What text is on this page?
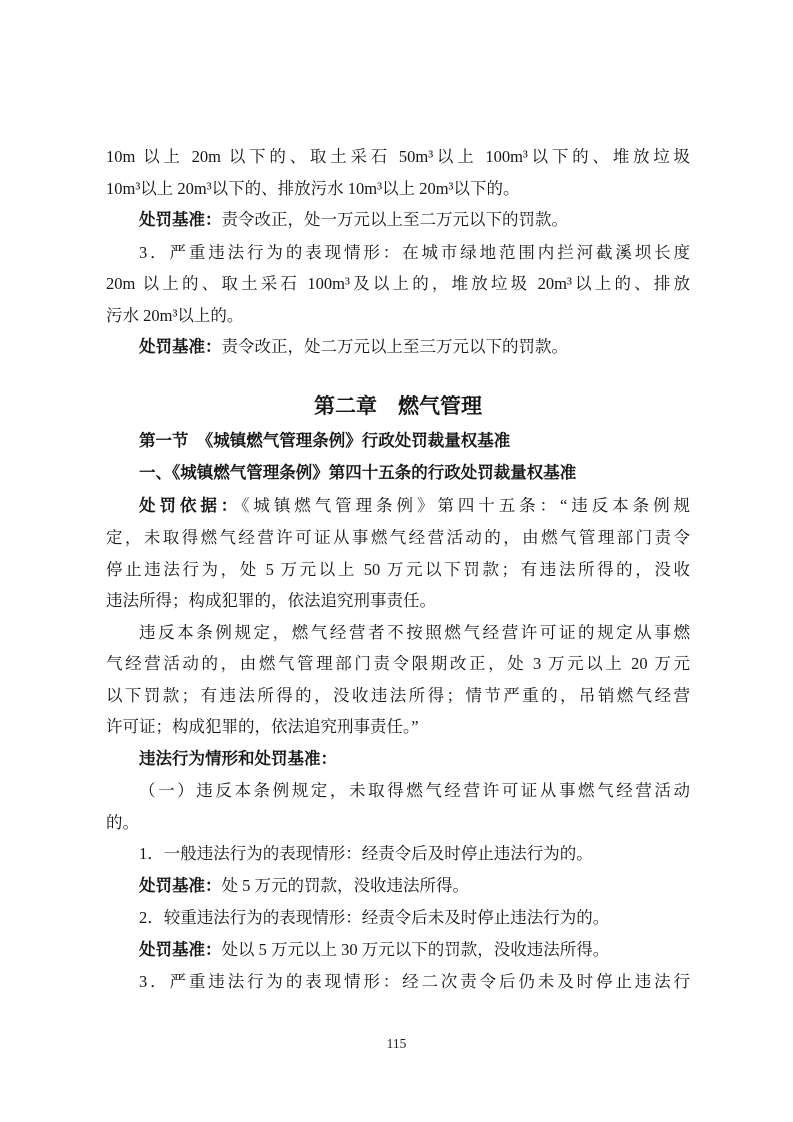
10m 以上 20m 以下的、取土采石 50m³以上 100m³以下的、堆放垃圾
10m³以上 20m³以下的、排放污水 10m³以上 20m³以下的。
处罚基准：责令改正，处一万元以上至二万元以下的罚款。
3．严重违法行为的表现情形：在城市绿地范围内拦河截溪坝长度
20m 以上的、取土采石 100m³及以上的，堆放垃圾 20m³以上的、排放
污水 20m³以上的。
处罚基准：责令改正，处二万元以上至三万元以下的罚款。
第二章　燃气管理
第一节　《城镇燃气管理条例》行政处罚裁量权基准
一、《城镇燃气管理条例》第四十五条的行政处罚裁量权基准
处罚依据：《城镇燃气管理条例》第四十五条：“违反本条例规
定，未取得燃气经营许可证从事燃气经营活动的，由燃气管理部门责令
停止违法行为，处 5 万元以上 50 万元以下罚款；有违法所得的，没收
违法所得；构成犯罪的，依法追究刑事责任。
违反本条例规定，燃气经营者不按照燃气经营许可证的规定从事燃
气经营活动的，由燃气管理部门责令限期改正，处 3 万元以上 20 万元
以下罚款；有违法所得的，没收违法所得；情节严重的，吊销燃气经营
许可证；构成犯罪的，依法追究刑事责任。”
违法行为情形和处罚基准：
（一）违反本条例规定，未取得燃气经营许可证从事燃气经营活动
的。
1．一般违法行为的表现情形：经责令后及时停止违法行为的。
处罚基准：处 5 万元的罚款，没收违法所得。
2．较重违法行为的表现情形：经责令后未及时停止违法行为的。
处罚基准：处以 5 万元以上 30 万元以下的罚款，没收违法所得。
3．严重违法行为的表现情形：经二次责令后仍未及时停止违法行
115
